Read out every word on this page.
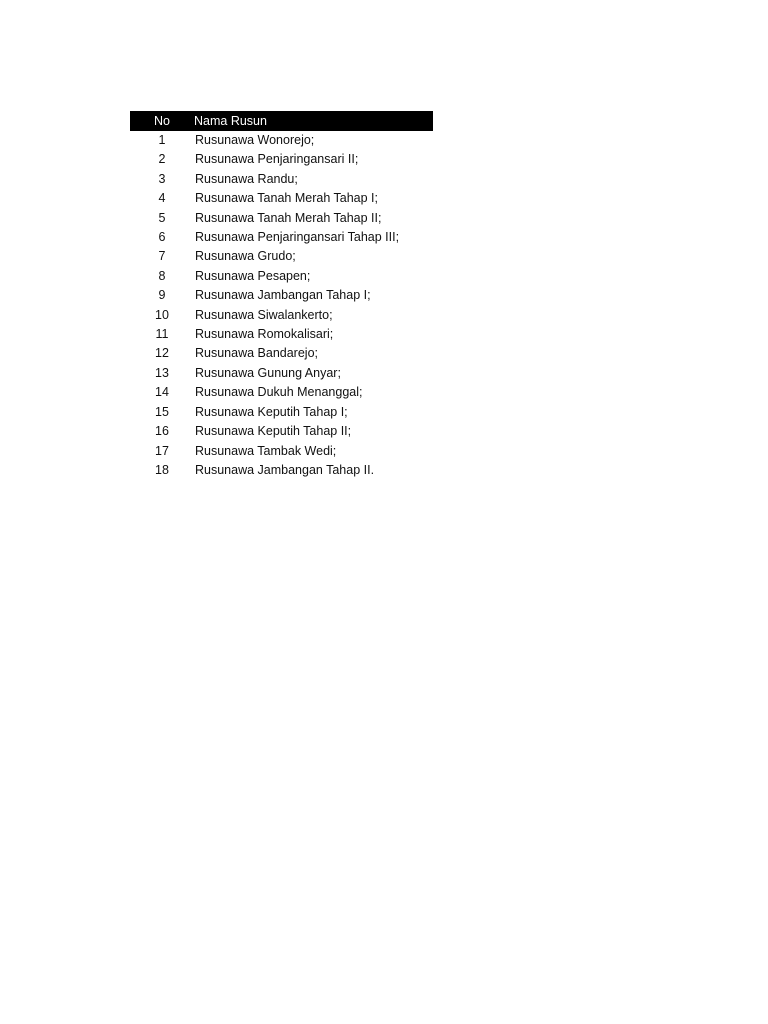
No	Nama Rusun
1	Rusunawa Wonorejo;
2	Rusunawa Penjaringansari II;
3	Rusunawa Randu;
4	Rusunawa Tanah Merah Tahap I;
5	Rusunawa Tanah Merah Tahap II;
6	Rusunawa Penjaringansari Tahap III;
7	Rusunawa Grudo;
8	Rusunawa Pesapen;
9	Rusunawa Jambangan Tahap I;
10	Rusunawa Siwalankerto;
11	Rusunawa Romokalisari;
12	Rusunawa Bandarejo;
13	Rusunawa Gunung Anyar;
14	Rusunawa Dukuh Menanggal;
15	Rusunawa Keputih Tahap I;
16	Rusunawa Keputih Tahap II;
17	Rusunawa Tambak Wedi;
18	Rusunawa Jambangan Tahap II.
